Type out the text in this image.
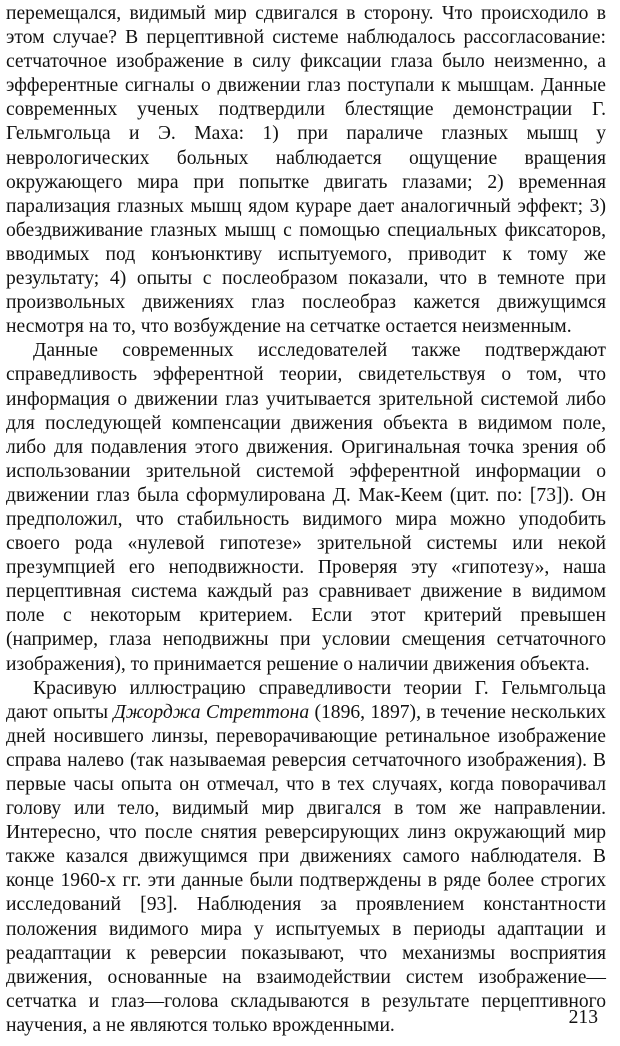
перемещался, видимый мир сдвигался в сторону. Что происходило в этом случае? В перцептивной системе наблюдалось рассогласование: сетчаточное изображение в силу фиксации глаза было неизменно, а эфферентные сигналы о движении глаз поступали к мышцам. Данные современных ученых подтвердили блестящие демонстрации Г. Гельмгольца и Э. Маха: 1) при параличе глазных мышц у неврологических больных наблюдается ощущение вращения окружающего мира при попытке двигать глазами; 2) временная парализация глазных мышц ядом кураре дает аналогичный эффект; 3) обездвиживание глазных мышц с помощью специальных фиксаторов, вводимых под конъюнктиву испытуемого, приводит к тому же результату; 4) опыты с послеобразом показали, что в темноте при произвольных движениях глаз послеобраз кажется движущимся несмотря на то, что возбуждение на сетчатке остается неизменным.

Данные современных исследователей также подтверждают справедливость эфферентной теории, свидетельствуя о том, что информация о движении глаз учитывается зрительной системой либо для последующей компенсации движения объекта в видимом поле, либо для подавления этого движения. Оригинальная точка зрения об использовании зрительной системой эфферентной информации о движении глаз была сформулирована Д. Мак-Кеем (цит. по: [73]). Он предположил, что стабильность видимого мира можно уподобить своего рода «нулевой гипотезе» зрительной системы или некой презумпцией его неподвижности. Проверяя эту «гипотезу», наша перцептивная система каждый раз сравнивает движение в видимом поле с некоторым критерием. Если этот критерий превышен (например, глаза неподвижны при условии смещения сетчаточного изображения), то принимается решение о наличии движения объекта.

Красивую иллюстрацию справедливости теории Г. Гельмгольца дают опыты Джорджа Стреттона (1896, 1897), в течение нескольких дней носившего линзы, переворачивающие ретинальное изображение справа налево (так называемая реверсия сетчаточного изображения). В первые часы опыта он отмечал, что в тех случаях, когда поворачивал голову или тело, видимый мир двигался в том же направлении. Интересно, что после снятия реверсирующих линз окружающий мир также казался движущимся при движениях самого наблюдателя. В конце 1960-х гг. эти данные были подтверждены в ряде более строгих исследований [93]. Наблюдения за проявлением константности положения видимого мира у испытуемых в периоды адаптации и реадаптации к реверсии показывают, что механизмы восприятия движения, основанные на взаимодействии систем изображение—сетчатка и глаз—голова складываются в результате перцептивного научения, а не являются только врожденными.	213
